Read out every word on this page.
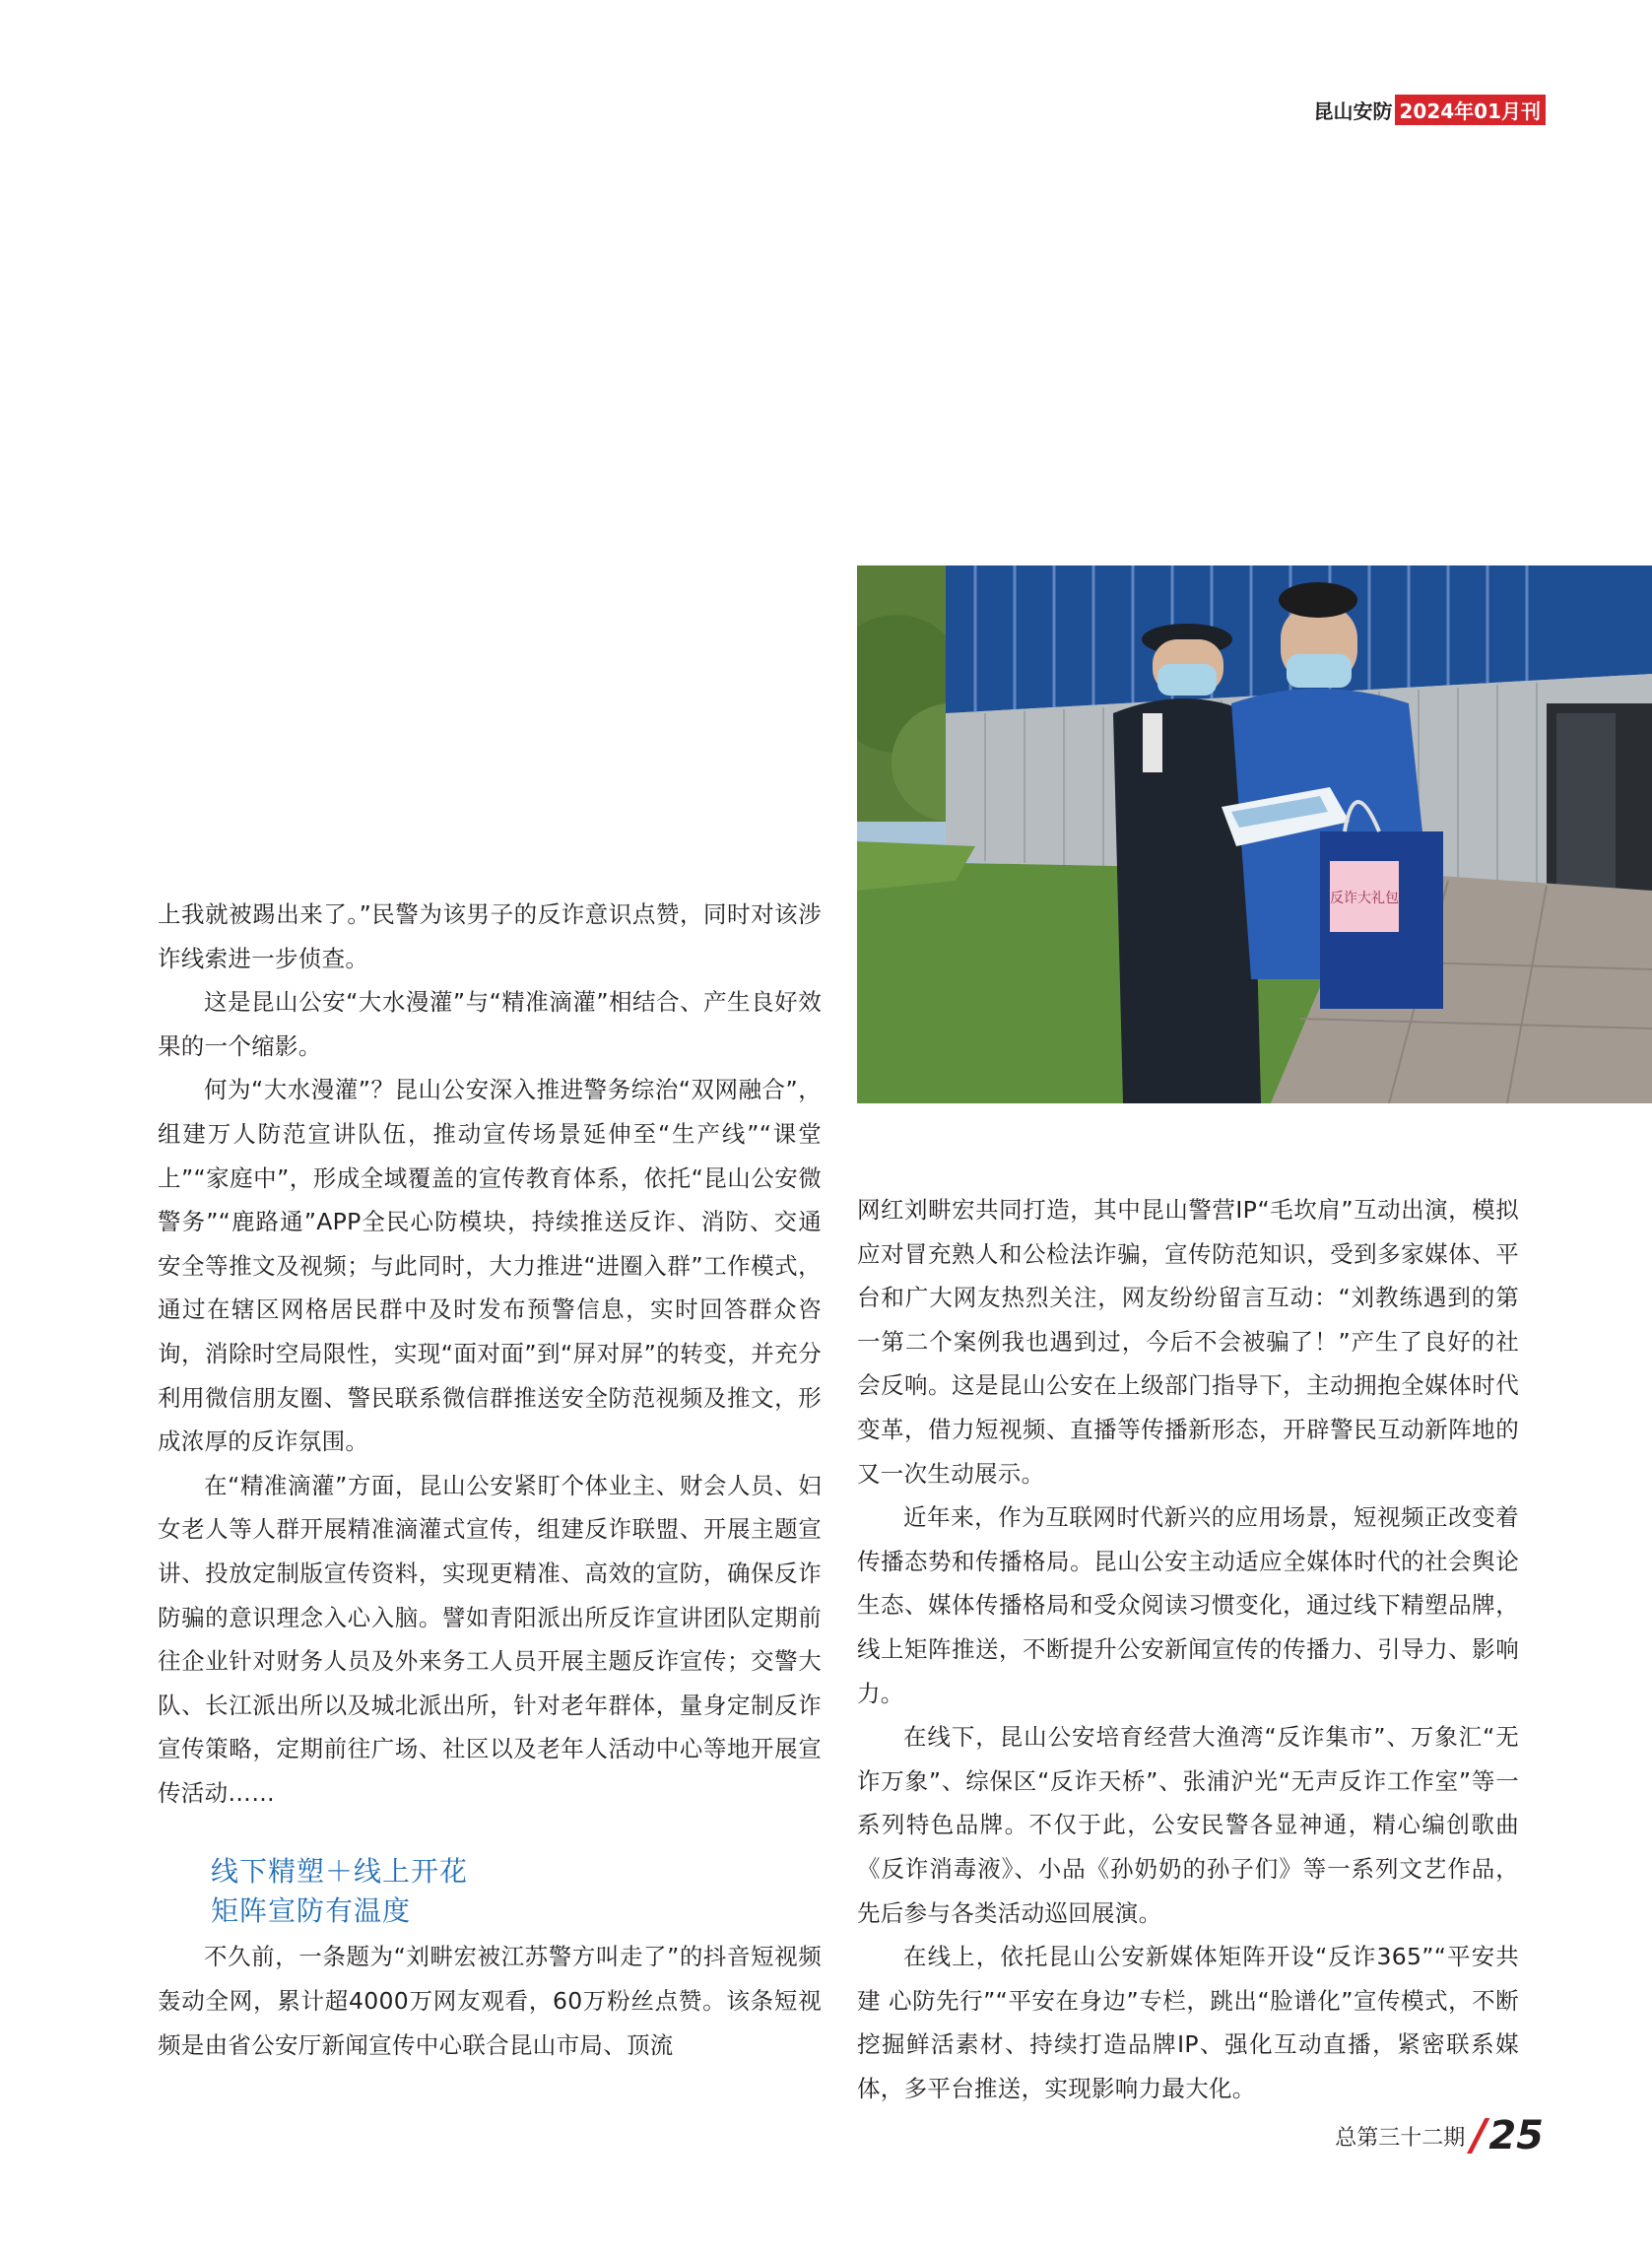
昆山安防 2024年01月刊
反诈大礼包

上我就被踢出来了。”民警为该男子的反诈意识点赞，同时对该涉诈线索进一步侦查。

这是昆山公安“大水漫灌”与“精准滴灌”相结合、产生良好效果的一个缩影。

何为“大水漫灌”？昆山公安深入推进警务综治“双网融合”，组建万人防范宣讲队伍，推动宣传场景延伸至“生产线”“课堂上”“家庭中”，形成全域覆盖的宣传教育体系，依托“昆山公安微警务”“鹿路通”APP全民心防模块，持续推送反诈、消防、交通安全等推文及视频；与此同时，大力推进“进圈入群”工作模式，通过在辖区网格居民群中及时发布预警信息，实时回答群众咨询，消除时空局限性，实现“面对面”到“屏对屏”的转变，并充分利用微信朋友圈、警民联系微信群推送安全防范视频及推文，形成浓厚的反诈氛围。

在“精准滴灌”方面，昆山公安紧盯个体业主、财会人员、妇女老人等人群开展精准滴灌式宣传，组建反诈联盟、开展主题宣讲、投放定制版宣传资料，实现更精准、高效的宣防，确保反诈防骗的意识理念入心入脑。譬如青阳派出所反诈宣讲团队定期前往企业针对财务人员及外来务工人员开展主题反诈宣传；交警大队、长江派出所以及城北派出所，针对老年群体，量身定制反诈宣传策略，定期前往广场、社区以及老年人活动中心等地开展宣传活动……

线下精塑＋线上开花
矩阵宣防有温度

不久前，一条题为“刘畊宏被江苏警方叫走了”的抖音短视频轰动全网，累计超4000万网友观看，60万粉丝点赞。该条短视频是由省公安厅新闻宣传中心联合昆山市局、顶流

网红刘畊宏共同打造，其中昆山警营IP“毛坎肩”互动出演，模拟应对冒充熟人和公检法诈骗，宣传防范知识，受到多家媒体、平台和广大网友热烈关注，网友纷纷留言互动：“刘教练遇到的第一第二个案例我也遇到过，今后不会被骗了！”产生了良好的社会反响。这是昆山公安在上级部门指导下，主动拥抱全媒体时代变革，借力短视频、直播等传播新形态，开辟警民互动新阵地的又一次生动展示。

近年来，作为互联网时代新兴的应用场景，短视频正改变着传播态势和传播格局。昆山公安主动适应全媒体时代的社会舆论生态、媒体传播格局和受众阅读习惯变化，通过线下精塑品牌，线上矩阵推送，不断提升公安新闻宣传的传播力、引导力、影响力。

在线下，昆山公安培育经营大渔湾“反诈集市”、万象汇“无诈万象”、综保区“反诈天桥”、张浦沪光“无声反诈工作室”等一系列特色品牌。不仅于此，公安民警各显神通，精心编创歌曲《反诈消毒液》、小品《孙奶奶的孙子们》等一系列文艺作品，先后参与各类活动巡回展演。

在线上，依托昆山公安新媒体矩阵开设“反诈365”“平安共建 心防先行”“平安在身边”专栏，跳出“脸谱化”宣传模式，不断挖掘鲜活素材、持续打造品牌IP、强化互动直播，紧密联系媒体，多平台推送，实现影响力最大化。

总第三十二期 / 25
